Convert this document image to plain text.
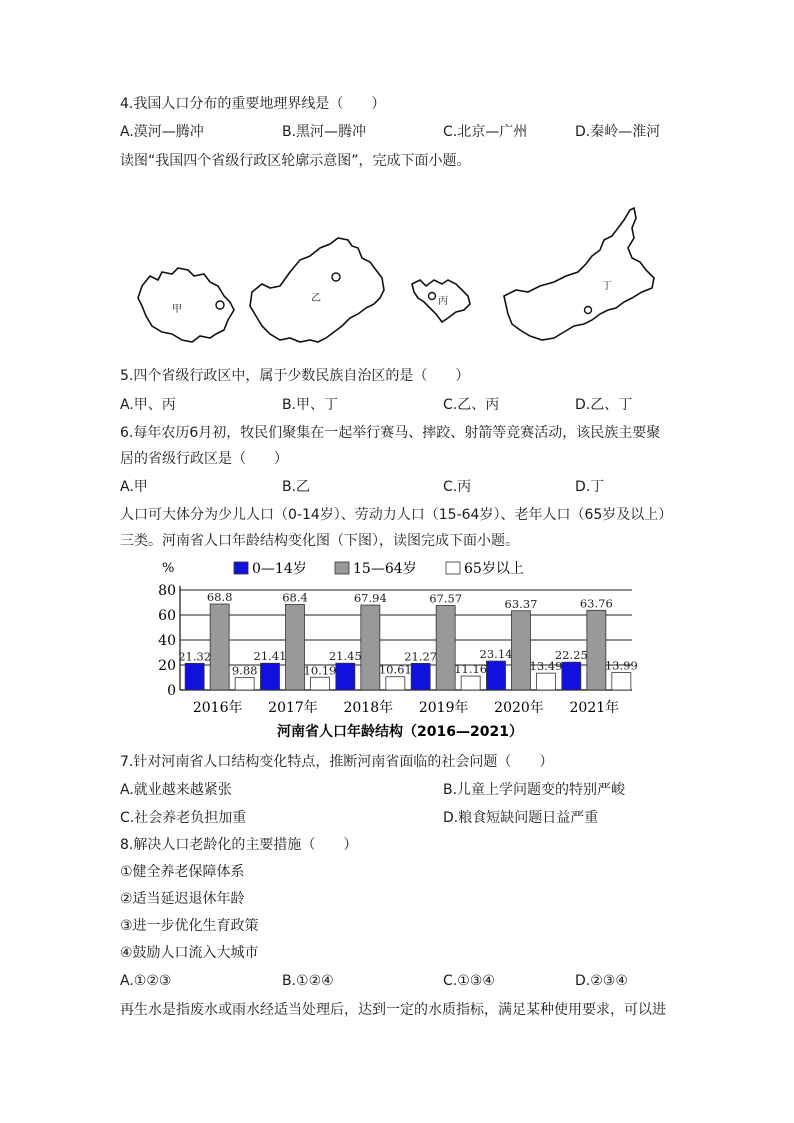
4.我国人口分布的重要地理界线是（　　）
A.漠河—腾冲	B.黑河—腾冲	C.北京—广州	D.秦岭—淮河
读图“我国四个省级行政区轮廓示意图”，完成下面小题。
甲
乙	丙
丁
5.四个省级行政区中，属于少数民族自治区的是（　　）
A.甲、丙	B.甲、丁	C.乙、丙	D.乙、丁
6.每年农历6月初，牧民们聚集在一起举行赛马、摔跤、射箭等竞赛活动，该民族主要聚
居的省级行政区是（　　）
A.甲	B.乙	C.丙	D.丁
人口可大体分为少儿人口（0-14岁）、劳动力人口（15-64岁）、老年人口（65岁及以上）
三类。河南省人口年龄结构变化图（下图），读图完成下面小题。
0
20
40
60
80
21.32
68.8
9.88
21.41
68.4
10.19
21.45
67.94
10.61
21.27
67.57
11.16
23.14
63.37
13.49
22.25
63.76
13.99
2016年 2017年 2018年 2019年 2020年 2021年
0—14岁	15—64岁	65岁以上
%
河南省人口年龄结构（2016—2021）
7.针对河南省人口结构变化特点，推断河南省面临的社会问题（　　）
A.就业越来越紧张	B.儿童上学问题变的特别严峻
C.社会养老负担加重	D.粮食短缺问题日益严重
8.解决人口老龄化的主要措施（　　）
①健全养老保障体系
②适当延迟退休年龄
③进一步优化生育政策
④鼓励人口流入大城市
A.①②③	B.①②④	C.①③④	D.②③④
再生水是指废水或雨水经适当处理后，达到一定的水质指标，满足某种使用要求，可以进
